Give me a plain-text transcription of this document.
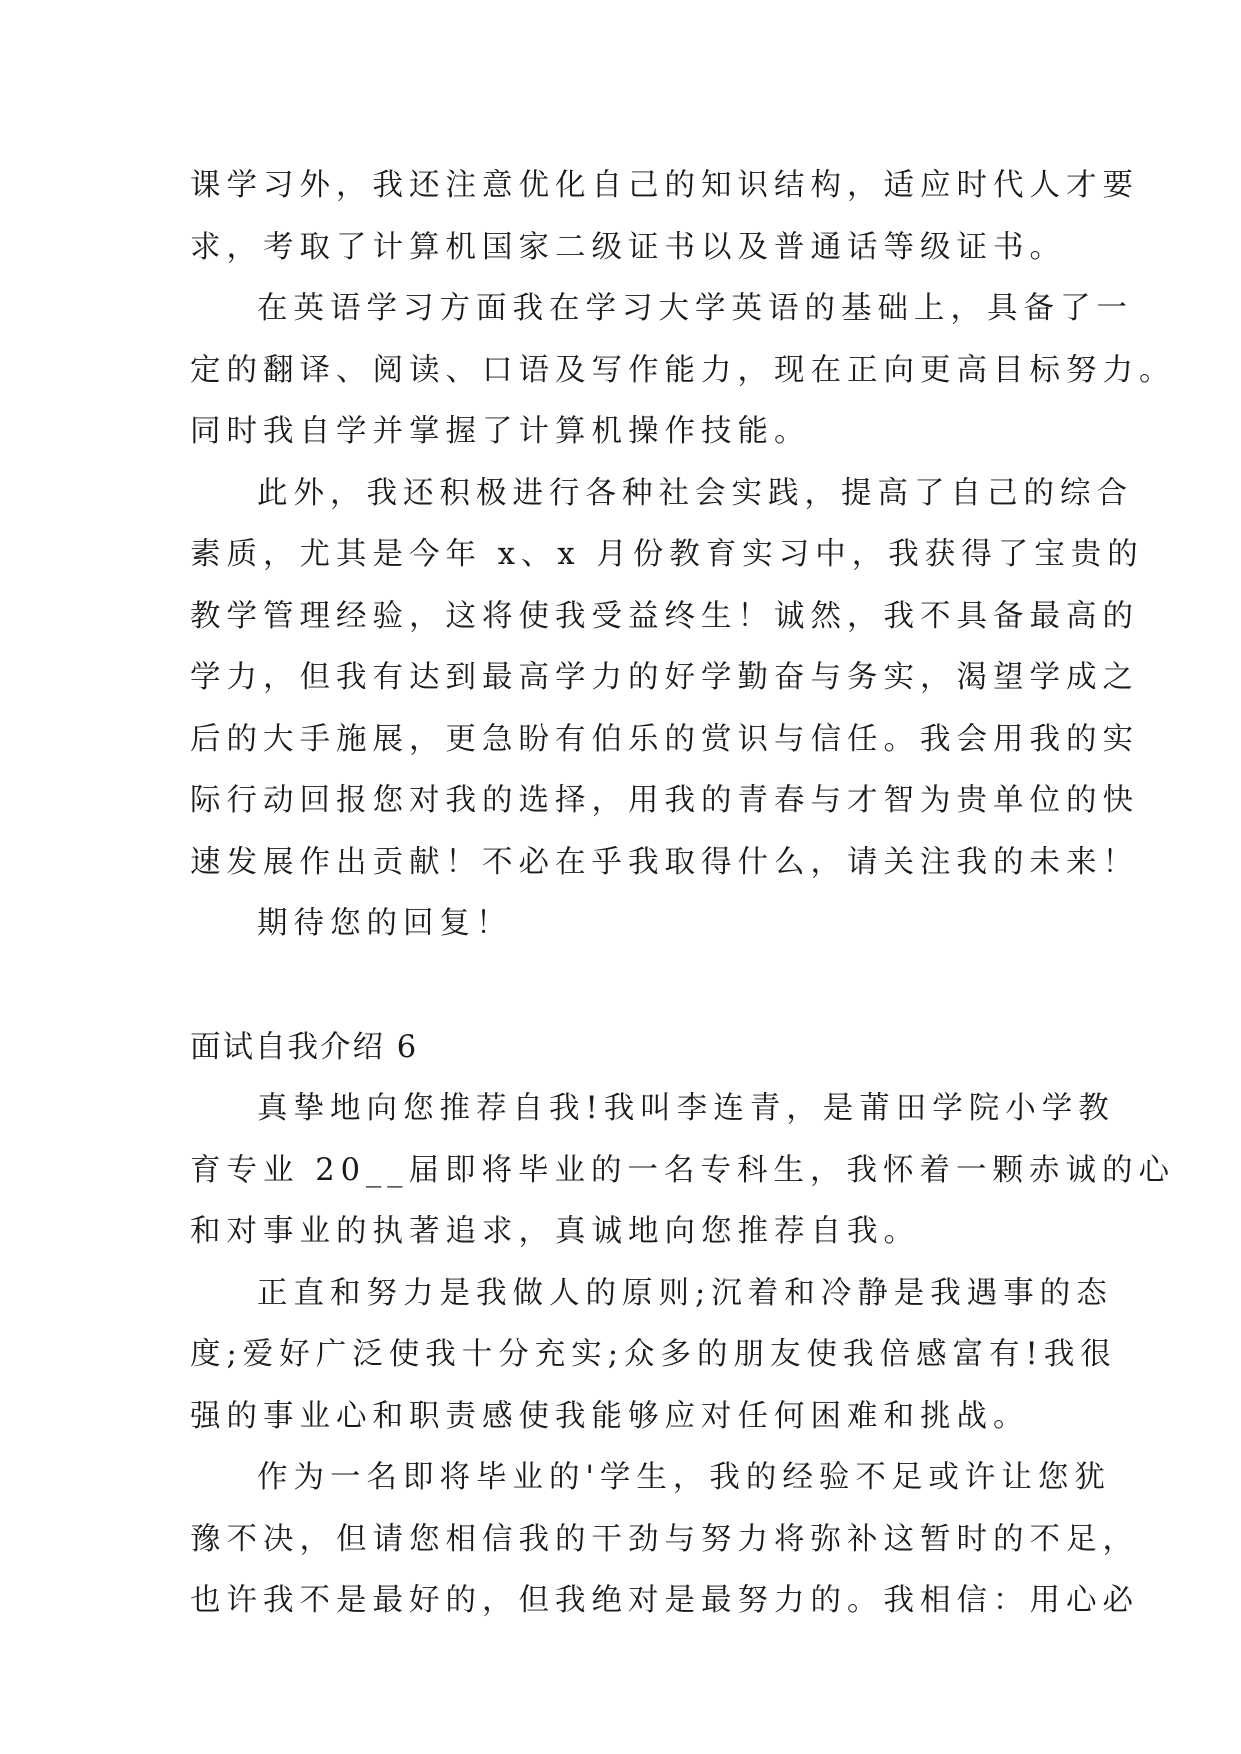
课学习外，我还注意优化自己的知识结构，适应时代人才要
求，考取了计算机国家二级证书以及普通话等级证书。
在英语学习方面我在学习大学英语的基础上，具备了一
定的翻译、阅读、口语及写作能力，现在正向更高目标努力。
同时我自学并掌握了计算机操作技能。
此外，我还积极进行各种社会实践，提高了自己的综合
素质，尤其是今年 x、x 月份教育实习中，我获得了宝贵的
教学管理经验，这将使我受益终生！诚然，我不具备最高的
学力，但我有达到最高学力的好学勤奋与务实，渴望学成之
后的大手施展，更急盼有伯乐的赏识与信任。我会用我的实
际行动回报您对我的选择，用我的青春与才智为贵单位的快
速发展作出贡献！不必在乎我取得什么，请关注我的未来！
期待您的回复！
面试自我介绍 6
真挚地向您推荐自我!我叫李连青，是莆田学院小学教
育专业 20__届即将毕业的一名专科生，我怀着一颗赤诚的心
和对事业的执著追求，真诚地向您推荐自我。
正直和努力是我做人的原则;沉着和冷静是我遇事的态
度;爱好广泛使我十分充实;众多的朋友使我倍感富有!我很
强的事业心和职责感使我能够应对任何困难和挑战。
作为一名即将毕业的'学生，我的经验不足或许让您犹
豫不决，但请您相信我的干劲与努力将弥补这暂时的不足，
也许我不是最好的，但我绝对是最努力的。我相信：用心必
